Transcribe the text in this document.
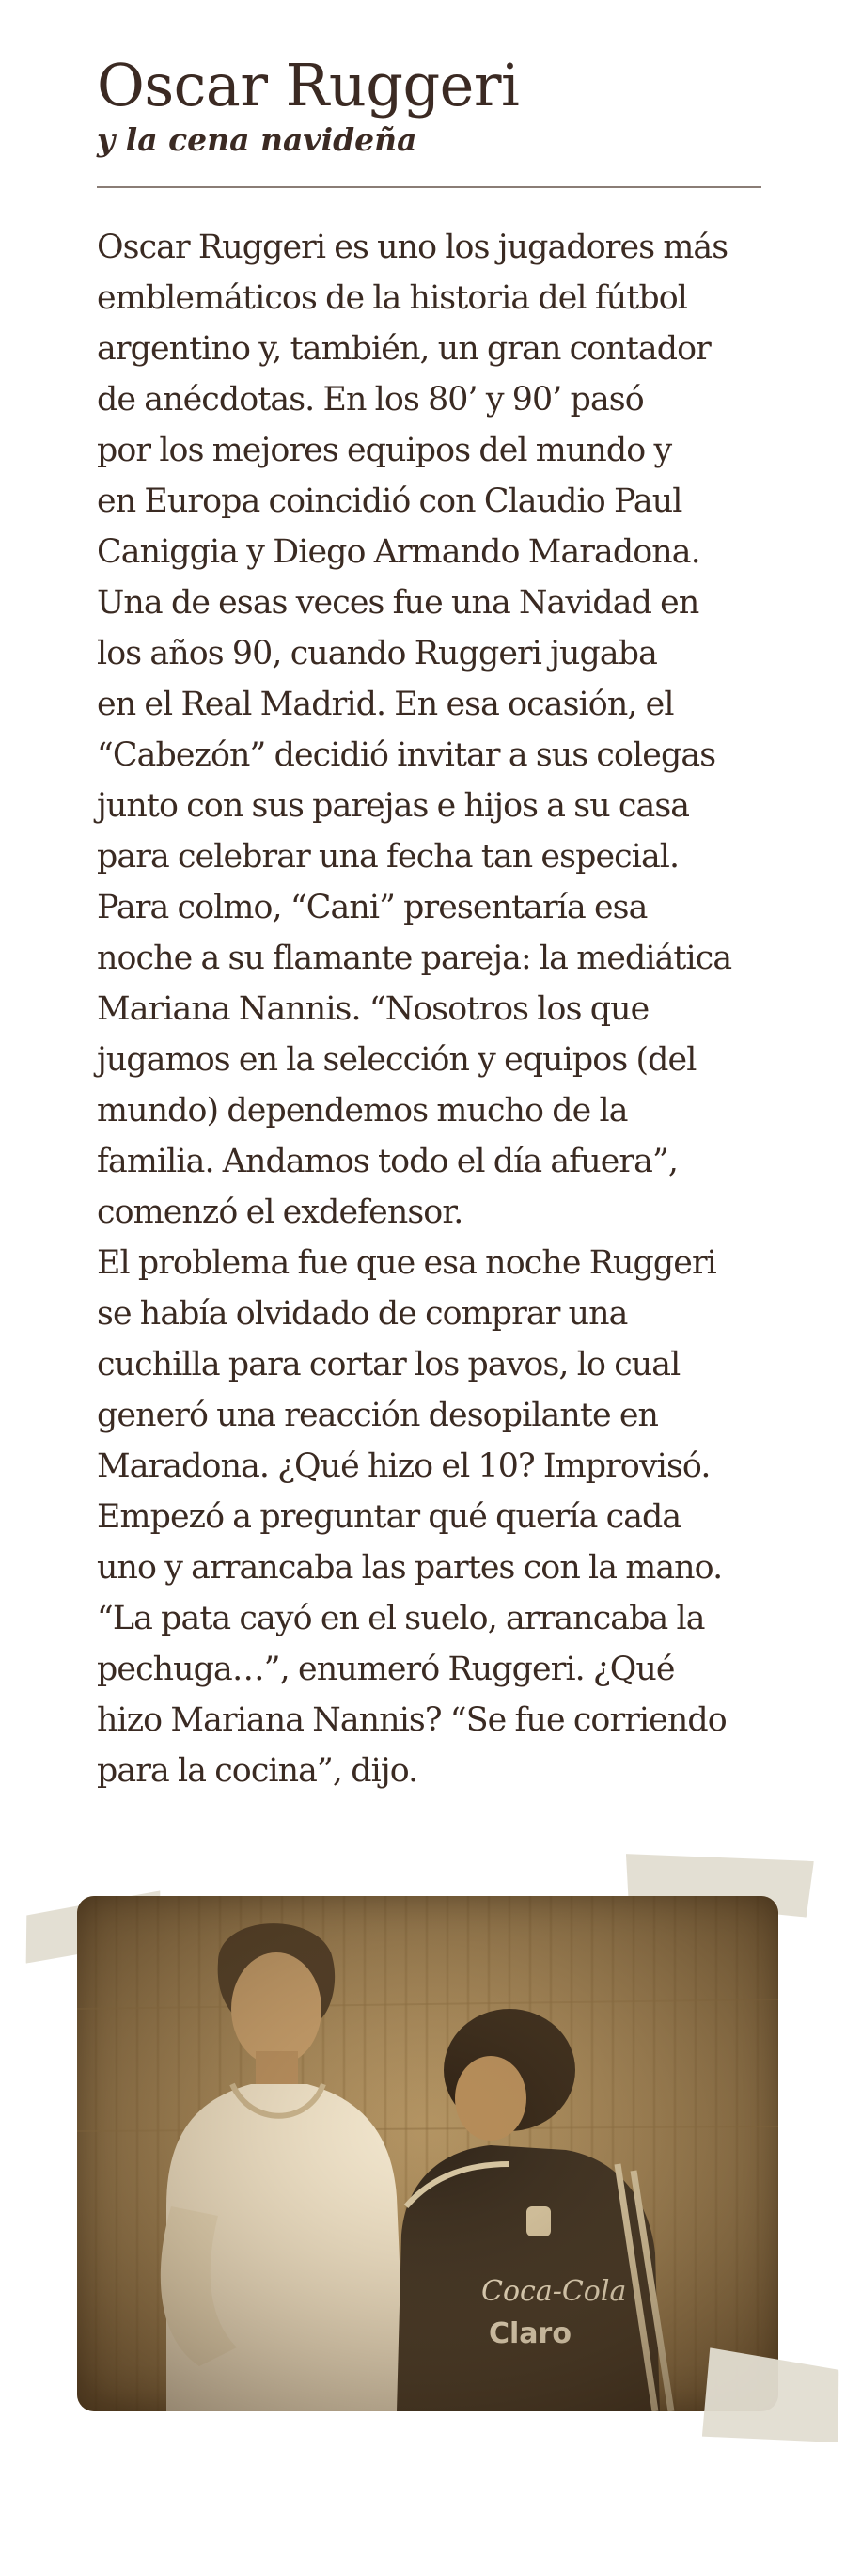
Oscar Ruggeri
y la cena navideña

Oscar Ruggeri es uno los jugadores más
emblemáticos de la historia del fútbol
argentino y, también, un gran contador
de anécdotas. En los 80’ y 90’ pasó
por los mejores equipos del mundo y
en Europa coincidió con Claudio Paul
Caniggia y Diego Armando Maradona.
Una de esas veces fue una Navidad en
los años 90, cuando Ruggeri jugaba
en el Real Madrid. En esa ocasión, el
“Cabezón” decidió invitar a sus colegas
junto con sus parejas e hijos a su casa
para celebrar una fecha tan especial.
Para colmo, “Cani” presentaría esa
noche a su flamante pareja: la mediática
Mariana Nannis. “Nosotros los que
jugamos en la selección y equipos (del
mundo) dependemos mucho de la
familia. Andamos todo el día afuera”,
comenzó el exdefensor.

El problema fue que esa noche Ruggeri
se había olvidado de comprar una
cuchilla para cortar los pavos, lo cual
generó una reacción desopilante en
Maradona. ¿Qué hizo el 10? Improvisó.
Empezó a preguntar qué quería cada
uno y arrancaba las partes con la mano.
“La pata cayó en el suelo, arrancaba la
pechuga…”, enumeró Ruggeri. ¿Qué
hizo Mariana Nannis? “Se fue corriendo
para la cocina”, dijo.
